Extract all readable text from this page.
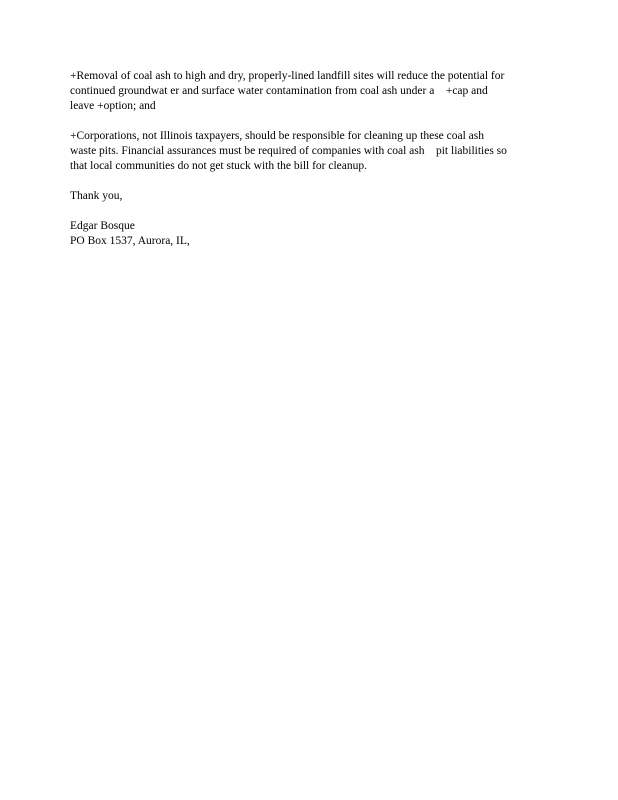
+Removal of coal ash to high and dry, properly-lined landfill sites will reduce the potential for
continued groundwat er and surface water contamination from coal ash under a    +cap and
leave +option; and
+Corporations, not Illinois taxpayers, should be responsible for cleaning up these coal ash
waste pits. Financial assurances must be required of companies with coal ash    pit liabilities so
that local communities do not get stuck with the bill for cleanup.
Thank you,
Edgar Bosque
PO Box 1537, Aurora, IL,
